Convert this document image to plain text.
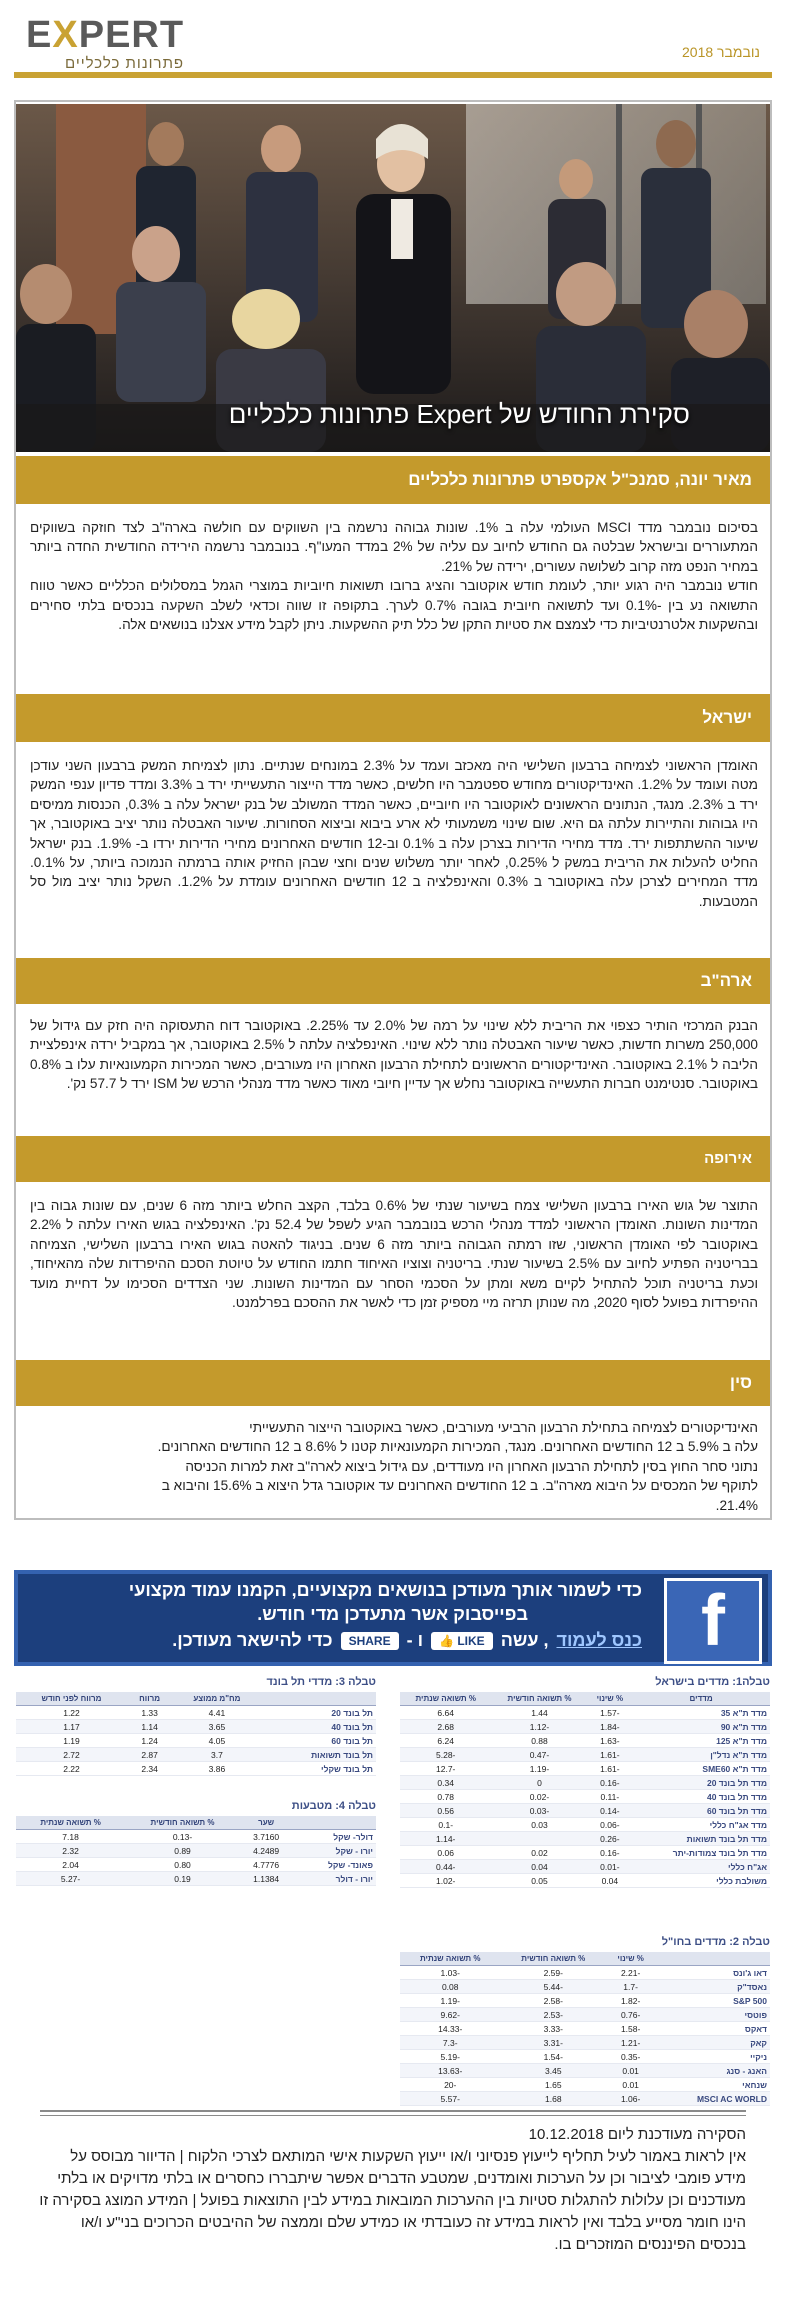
EXPERT
פתרונות כלכליים
נובמבר 2018
סקירת החודש של Expert פתרונות כלכליים
מאיר יונה, סמנכ"ל אקספרט פתרונות כלכליים

בסיכום נובמבר מדד MSCI העולמי עלה ב 1%. שונות גבוהה נרשמה בין השווקים עם חולשה בארה"ב לצד חוזקה בשווקים המתעוררים ובישראל שבלטה גם החודש לחיוב עם עליה של 2% במדד המעו"ף. בנובמבר נרשמה הירידה החודשית החדה ביותר במחיר הנפט מזה קרוב לשלושה עשורים, ירידה של 21%.

חודש נובמבר היה רגוע יותר, לעומת חודש אוקטובר והציג ברובו תשואות חיוביות במוצרי הגמל במסלולים הכלליים כאשר טווח התשואה נע בין -0.1% ועד לתשואה חיובית בגובה 0.7% לערך. בתקופה זו שווה וכדאי לשלב השקעה בנכסים בלתי סחירים ובהשקעות אלטרנטיביות כדי לצמצם את סטיות התקן של כלל תיק ההשקעות. ניתן לקבל מידע אצלנו בנושאים אלה.

ישראל

האומדן הראשוני לצמיחה ברבעון השלישי היה מאכזב ועמד על 2.3% במונחים שנתיים. נתון לצמיחת המשק ברבעון השני עודכן מטה ועומד על 1.2%. האינדיקטורים מחודש ספטמבר היו חלשים, כאשר מדד הייצור התעשייתי ירד ב 3.3% ומדד פדיון ענפי המשק ירד ב 2.3%. מנגד, הנתונים הראשונים לאוקטובר היו חיוביים, כאשר המדד המשולב של בנק ישראל עלה ב 0.3%, הכנסות ממיסים היו גבוהות והתיירות עלתה גם היא. שום שינוי משמעותי לא ארע ביבוא וביצוא הסחורות. שיעור האבטלה נותר יציב באוקטובר, אך שיעור ההשתתפות ירד. מדד מחירי הדירות בצרכן עלה ב 0.1% וב-12 חודשים האחרונים מחירי הדירות ירדו ב- 1.9%. בנק ישראל החליט להעלות את הריבית במשק ל 0.25%, לאחר יותר משלוש שנים וחצי שבהן החזיק אותה ברמתה הנמוכה ביותר, על 0.1%. מדד המחירים לצרכן עלה באוקטובר ב 0.3% והאינפלציה ב 12 חודשים האחרונים עומדת על 1.2%. השקל נותר יציב מול סל המטבעות.

ארה"ב

הבנק המרכזי הותיר כצפוי את הריבית ללא שינוי על רמה של 2.0% עד 2.25%. באוקטובר דוח התעסוקה היה חזק עם גידול של 250,000 משרות חדשות, כאשר שיעור האבטלה נותר ללא שינוי. האינפלציה עלתה ל 2.5% באוקטובר, אך במקביל ירדה אינפלציית הליבה ל 2.1% באוקטובר. האינדיקטורים הראשונים לתחילת הרבעון האחרון היו מעורבים, כאשר המכירות הקמעונאיות עלו ב 0.8% באוקטובר. סנטימנט חברות התעשייה באוקטובר נחלש אך עדיין חיובי מאוד כאשר מדד מנהלי הרכש של ISM ירד ל 57.7 נק'.

אירופה

התוצר של גוש האירו ברבעון השלישי צמח בשיעור שנתי של 0.6% בלבד, הקצב החלש ביותר מזה 6 שנים, עם שונות גבוה בין המדינות השונות. האומדן הראשוני למדד מנהלי הרכש בנובמבר הגיע לשפל של 52.4 נק'. האינפלציה בגוש האירו עלתה ל 2.2% באוקטובר לפי האומדן הראשוני, שזו רמתה הגבוהה ביותר מזה 6 שנים. בניגוד להאטה בגוש האירו ברבעון השלישי, הצמיחה בבריטניה הפתיע לחיוב עם 2.5% בשיעור שנתי. בריטניה וצוציו האיחוד חתמו החודש על טיוטת הסכם ההיפרדות שלה מהאיחוד, וכעת בריטניה תוכל להתחיל לקיים משא ומתן על הסכמי הסחר עם המדינות השונות. שני הצדדים הסכימו על דחיית מועד ההיפרדות בפועל לסוף 2020, מה שנותן תרזה מיי מספיק זמן כדי לאשר את ההסכם בפרלמנט.

סין

האינדיקטורים לצמיחה בתחילת הרבעון הרביעי מעורבים, כאשר באוקטובר הייצור התעשייתי

עלה ב 5.9% ב 12 החודשים האחרונים. מנגד, המכירות הקמעונאיות קטנו ל 8.6% ב 12 החודשים האחרונים.

נתוני סחר החוץ בסין לתחילת הרבעון האחרון היו מעודדים, עם גידול ביצוא לארה"ב זאת למרות הכניסה

לתוקף של המכסים על היבוא מארה"ב. ב 12 החודשים האחרונים עד אוקטובר גדל היצוא ב 15.6% והיבוא ב

21.4%.

f
כדי לשמור אותך מעודכן בנושאים מקצועיים, הקמנו עמוד מקצועי
בפייסבוק אשר מתעדכן מדי חודש.
כנס לעמוד
, עשה
👍 LIKE
ו -
SHARE
כדי להישאר מעודכן.
טבלה1: מדדים בישראל
מדדים	% שינוי	% תשואה חודשית	% תשואה שנתית
מדד ת"א 35	-1.57	1.44	6.64
מדד ת"א 90	-1.84	-1.12	2.68
מדד ת"א 125	-1.63	0.88	6.24
מדד ת"א נדל"ן	-1.61	-0.47	-5.28
מדד ת"א SME60	-1.61	-1.19	-12.7
מדד תל בונד 20	-0.16	0	0.34
מדד תל בונד 40	-0.11	-0.02	0.78
מדד תל בונד 60	-0.14	-0.03	0.56
מדד אג"ח כללי	-0.06	0.03	-0.1
מדד תל בונד תשואות	-0.26		-1.14
מדד תל בונד צמודות-יתר	-0.16	0.02	0.06
אג"ח כללי	-0.01	0.04	-0.44
משולבת כללי	0.04	0.05	-1.02
טבלה 3: מדדי תל בונד
	מח"מ ממוצע	מרווח	מרווח לפני חודש
תל בונד 20	4.41	1.33	1.22
תל בונד 40	3.65	1.14	1.17
תל בונד 60	4.05	1.24	1.19
תל בונד תשואות	3.7	2.87	2.72
תל בונד שקלי	3.86	2.34	2.22
טבלה 4: מטבעות
	שער	% תשואה חודשית	% תשואה שנתית
דולר- שקל	3.7160	-0.13	7.18
יורו - שקל	4.2489	0.89	2.32
פאונד- שקל	4.7776	0.80	2.04
יורו - דולר	1.1384	0.19	-5.27
טבלה 2: מדדים בחו"ל
	% שינוי	% תשואה חודשית	% תשואה שנתית
דאו ג'ונס	-2.21	-2.59	-1.03
נאסד"ק	-1.7	-5.44	0.08
S&P 500	-1.82	-2.58	-1.19
פוטסי	-0.76	-2.53	-9.62
דאקס	-1.58	-3.33	-14.33
קאק	-1.21	-3.31	-7.3
ניקיי	-0.35	-1.54	-5.19
האנג - סנג	0.01	3.45	-13.63
שנחאי	0.01	1.65	-20
MSCI AC WORLD	-1.06	1.68	-5.57
הסקירה מעודכנת ליום 10.12.2018
אין לראות באמור לעיל תחליף לייעוץ פנסיוני ו/או ייעוץ השקעות אישי המותאם לצרכי הלקוח | הדיוור מבוסס על מידע פומבי לציבור וכן על הערכות ואומדנים, שמטבע הדברים אפשר שיתבררו כחסרים או בלתי מדויקים או בלתי מעודכנים וכן עלולות להתגלות סטיות בין ההערכות המובאות במידע לבין התוצאות בפועל | המידע המוצג בסקירה זו הינו חומר מסייע בלבד ואין לראות במידע זה כעובדתי או כמידע שלם וממצה של ההיבטים הכרוכים בני"ע ו/או בנכסים הפיננסים המוזכרים בו.
